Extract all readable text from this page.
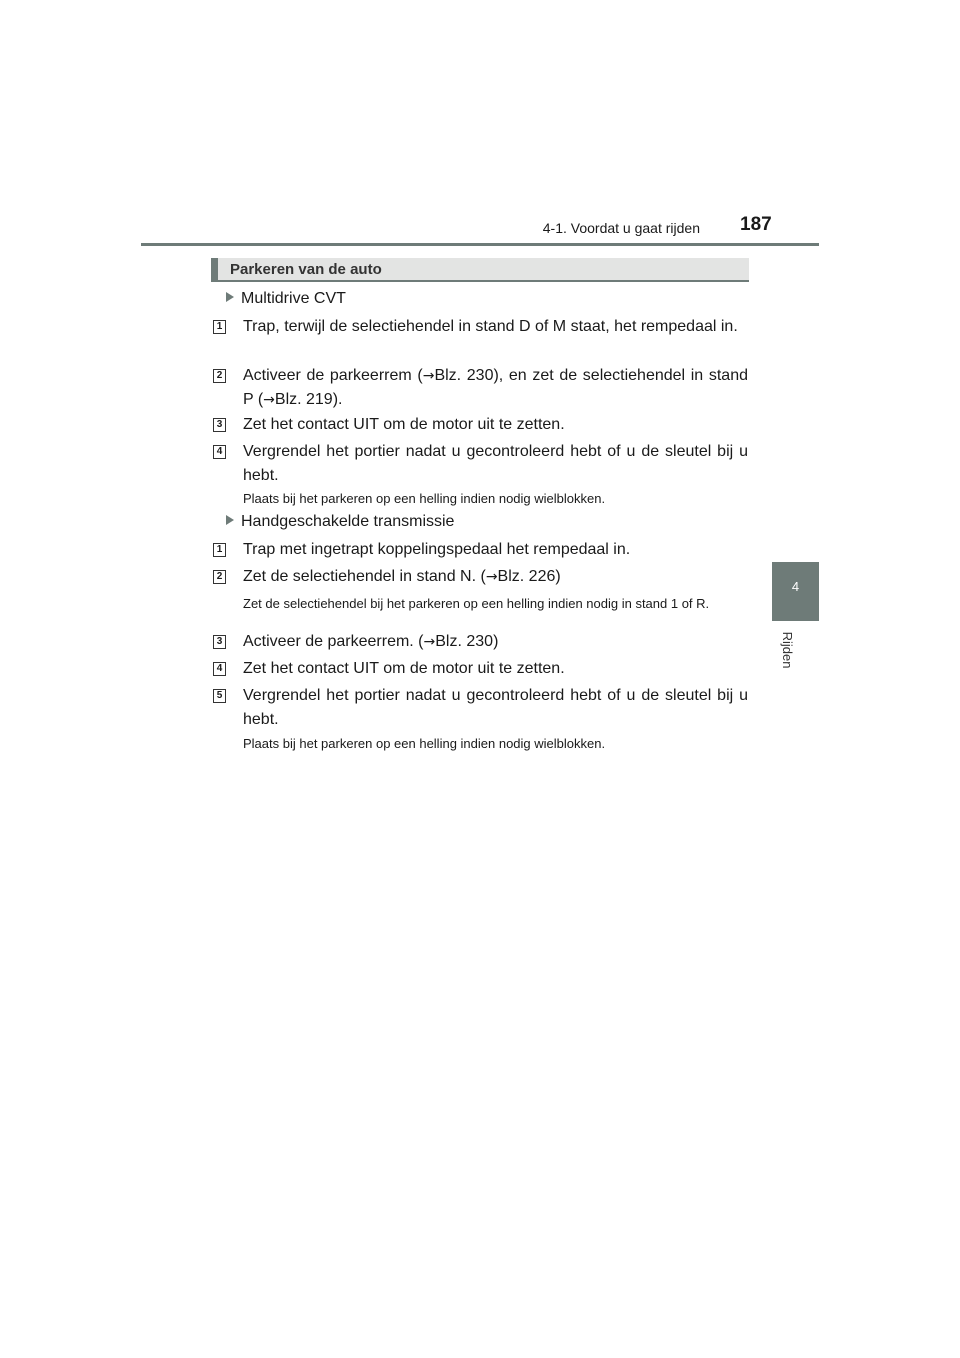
4-1. Voordat u gaat rijden 187
4
Rijden
Parkeren van de auto
Multidrive CVT
1 Trap, terwijl de selectiehendel in stand D of M staat, het rempedaal in.
2 Activeer de parkeerrem (→Blz. 230), en zet de selectiehendel in stand P (→Blz. 219).
3 Zet het contact UIT om de motor uit te zetten.
4 Vergrendel het portier nadat u gecontroleerd hebt of u de sleutel bij u hebt.
Plaats bij het parkeren op een helling indien nodig wielblokken.
Handgeschakelde transmissie
1 Trap met ingetrapt koppelingspedaal het rempedaal in.
2 Zet de selectiehendel in stand N. (→Blz. 226)
Zet de selectiehendel bij het parkeren op een helling indien nodig in stand 1 of R.
3 Activeer de parkeerrem. (→Blz. 230)
4 Zet het contact UIT om de motor uit te zetten.
5 Vergrendel het portier nadat u gecontroleerd hebt of u de sleutel bij u hebt.
Plaats bij het parkeren op een helling indien nodig wielblokken.
